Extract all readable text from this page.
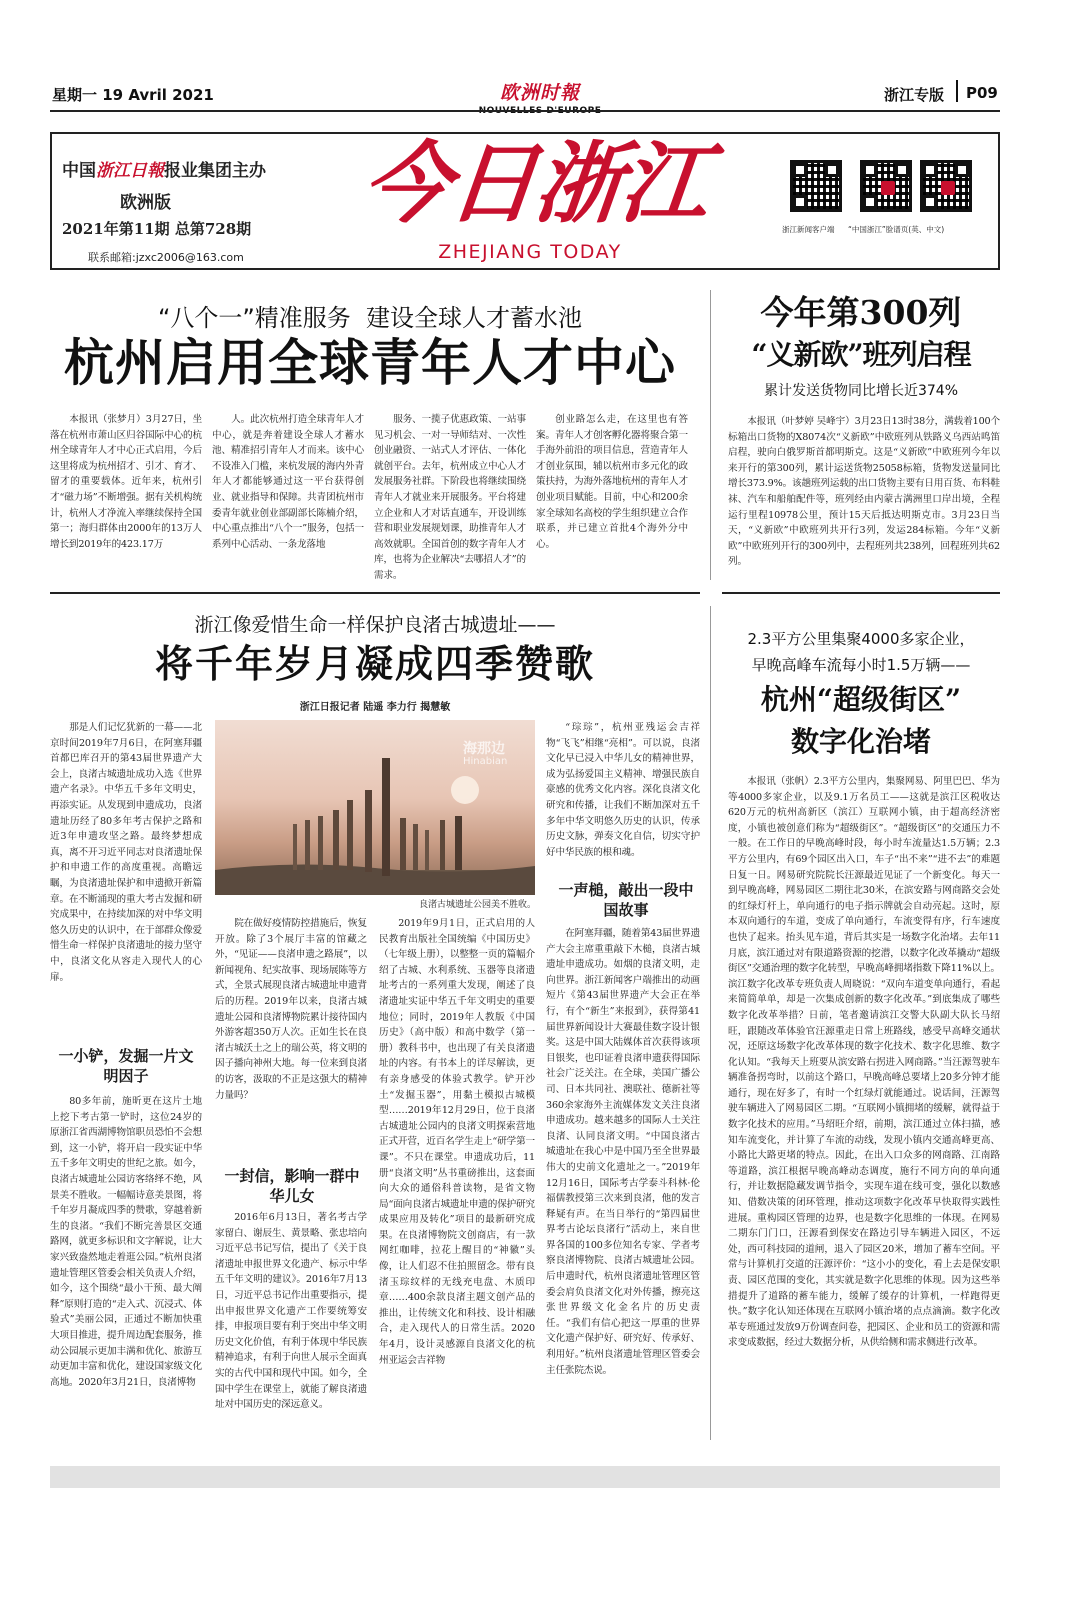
星期一 19 Avril 2021	欧洲时報	浙江专版 P09
中国浙江日報报业集团主办
欧洲版
2021年第11期 总第728期
联系邮箱:jzxc2006@163.com
今日浙江
ZHEJIANG TODAY
浙江新闻客户端 “中国浙江”脸谱页(英、中文)
“八个一”精准服务  建设全球人才蓄水池
杭州启用全球青年人才中心

本报讯（张梦月）3月27日，坐落在杭州市萧山区归谷国际中心的杭州全球青年人才中心正式启用，今后这里将成为杭州招才、引才、育才、留才的重要载体。近年来，杭州引才“磁力场”不断增强。据有关机构统计，杭州人才净流入率继续保持全国第一；海归群体由2000年的13万人增长到2019年的423.17万

人。此次杭州打造全球青年人才中心，就是奔着建设全球人才蓄水池、精准招引青年人才而来。该中心不设准入门槛，来杭发展的海内外青年人才都能够通过这一平台获得创业、就业指导和保障。共青团杭州市委青年就业创业部副部长陈楠介绍，中心重点推出“八个一”服务，包括一系列中心活动、一条龙落地

服务、一揽子优惠政策、一站事见习机会、一对一导师结对、一次性创业融资、一站式人才评估、一体化就创平台。去年，杭州成立中心人才发展服务社群。下阶段也将继续围绕青年人才就业来开展服务。平台将建立企业和人才对话直通车，开设训练营和职业发展规划课，助推青年人才高效就职。全国首创的数字青年人才库，也将为企业解决“去哪招人才”的需求。

创业路怎么走，在这里也有答案。青年人才创客孵化器将聚合第一手海外前沿的项目信息，营造青年人才创业氛围，辅以杭州市多元化的政策扶持，为海外落地杭州的青年人才创业项目赋能。目前，中心和200余家全球知名高校的学生组织建立合作联系，并已建立首批4个海外分中心。

今年第300列
“义新欧”班列启程
累计发送货物同比增长近374%

本报讯（叶梦婷 吴峰宇）3月23日13时38分，满载着100个标箱出口货物的X8074次“义新欧”中欧班列从铁路义乌西站鸣笛启程，驶向白俄罗斯首都明斯克。这是“义新欧”中欧班列今年以来开行的第300列，累计运送货物25058标箱，货物发送量同比增长373.9%。该趟班列运载的出口货物主要有日用百货、布料鞋袜、汽车和船舶配件等，班列经由内蒙古满洲里口岸出境，全程运行里程10978公里，预计15天后抵达明斯克市。3月23日当天，“义新欧”中欧班列共开行3列，发运284标箱。今年“义新欧”中欧班列开行的300列中，去程班列共238列，回程班列共62列。

浙江像爱惜生命一样保护良渚古城遗址——
将千年岁月凝成四季赞歌
浙江日报记者 陆遥 李力行 揭慧敏
海那边
Hinabian
良渚古城遗址公园美不胜收。

那是人们记忆犹新的一幕——北京时间2019年7月6日，在阿塞拜疆首都巴库召开的第43届世界遗产大会上，良渚古城遗址成功入选《世界遗产名录》。中华五千多年文明史，再添实证。从发现到申遗成功，良渚遗址历经了80多年考古保护之路和近3年申遗攻坚之路。最终梦想成真，离不开习近平同志对良渚遗址保护和申遗工作的高度重视。高瞻远瞩，为良渚遗址保护和申遗掀开新篇章。在不断涌现的重大考古发掘和研究成果中，在持续加深的对中华文明悠久历史的认识中，在于部群众像爱惜生命一样保护良渚遗址的接力坚守中，良渚文化从容走入现代人的心扉。

一小铲，发掘一片文明因子

80多年前，施昕更在这片土地上挖下考古第一铲时，这位24岁的原浙江省西湖博物馆职员恐怕不会想到，这一小铲，将开启一段实证中华五千多年文明史的世纪之旅。如今，良渚古城遗址公园访客络绎不绝，风景美不胜收。一幅幅诗意美景图，将千年岁月凝成四季的赞歌，穿越着新生的良渚。“我们不断完善景区交通路网，就更多标识和文字解说，让大家兴致盎然地走着逛公园。”杭州良渚遗址管理区管委会相关负责人介绍，如今，这个围绕“最小干预、最大阐释”原则打造的“走入式、沉浸式、体验式”美丽公园，正通过不断加快重大项目推进，提升周边配套服务，推动公园展示更加丰满和优化、旅游互动更加丰富和优化，建设国家级文化高地。2020年3月21日，良渚博物

院在做好疫情防控措施后，恢复开放。除了3个展厅丰富的馆藏之外，“见证——良渚申遗之路展”，以新闻视角、纪实故事、现场展陈等方式，全景式展现良渚古城遗址申遗背后的历程。2019年以来，良渚古城遗址公园和良渚博物院累计接待国内外游客超350万人次。正如生长在良渚古城沃土之上的瑞公英，将文明的因子播向神州大地。每一位来到良渚的访客，汲取的不正是这强大的精神力量吗？

一封信，影响一群中华儿女

2016年6月13日，著名考古学家留白、谢辰生、黄景略、张忠培向习近平总书记写信，提出了《关于良渚遗址申报世界文化遗产、标示中华五千年文明的建议》。2016年7月13日，习近平总书记作出重要指示，提出申报世界文化遗产工作要统筹安排，申报项目要有利于突出中华文明历史文化价值，有利于体现中华民族精神追求，有利于向世人展示全面真实的古代中国和现代中国。如今，全国中学生在课堂上，就能了解良渚遗址对中国历史的深远意义。

2019年9月1日，正式启用的人民教育出版社全国统编《中国历史》（七年级上册），以整整一页的篇幅介绍了古城、水利系统、玉器等良渚遗址考古的一系列重大发现，阐述了良渚遗址实证中华五千年文明史的重要地位；同时，2019年人教版《中国历史》（高中版）和高中数学（第一册）教科书中，也出现了有关良渚遗址的内容。有书本上的详尽解读，更有亲身感受的体验式教学。铲开沙土“发掘玉器”，用黏土模拟古城模型……2019年12月29日，位于良渚古城遗址公园内的良渚文明探索营地正式开营，近百名学生走上“研学第一课”。不只在课堂。申遗成功后，11册“良渚文明”丛书重磅推出，这套面向大众的通俗科普读物，是省文物局“面向良渚古城遗址申遗的保护研究成果应用及转化”项目的最新研究成果。在良渚博物院文创商店，有一款网红咖啡，拉花上醒目的“神徽”头像，让人们忍不住拍照留念。带有良渚玉琮纹样的无线充电盘、木质印章……400余款良渚主题文创产品的推出，让传统文化和科技、设计相融合，走入现代人的日常生活。2020年4月，设计灵感源自良渚文化的杭州亚运会吉祥物

“琮琮”，杭州亚残运会吉祥物“飞飞”相继“亮相”。可以说，良渚文化早已浸入中华儿女的精神世界，成为弘扬爱国主义精神、增强民族自豪感的优秀文化内容。深化良渚文化研究和传播，让我们不断加深对五千多年中华文明悠久历史的认识，传承历史文脉，弹奏文化自信，切实守护好中华民族的根和魂。

一声槌，敲出一段中国故事

在阿塞拜疆，随着第43届世界遗产大会主席重重敲下木槌，良渚古城遗址申遗成功。如烟的良渚文明，走向世界。浙江新闻客户端推出的动画短片《第43届世界遗产大会正在举行，有个“新生”来报到》，获得第41届世界新闻设计大赛最佳数字设计银奖。这是中国大陆媒体首次获得该项目银奖，也印证着良渚申遗获得国际社会广泛关注。在全球，美国广播公司、日本共同社、澳联社、德新社等360余家海外主流媒体发文关注良渚申遗成功。越来越多的国际人士关注良渚、认同良渚文明。“中国良渚古城遗址在我心中是中国乃至全世界最伟大的史前文化遗址之一。”2019年12月16日，国际考古学泰斗科林·伦福儒教授第三次来到良渚，他的发言释疑有声。在当日举行的“第四届世界考古论坛良渚行”活动上，来自世界各国的100多位知名专家、学者考察良渚博物院、良渚古城遗址公园。后申遗时代，杭州良渚遗址管理区管委会肩负良渚文化对外传播，擦亮这张世界级文化金名片的历史责任。“我们有信心把这一厚重的世界文化遗产保护好、研究好、传承好、利用好。”杭州良渚遗址管理区管委会主任张院杰说。

2.3平方公里集聚4000多家企业，
早晚高峰车流每小时1.5万辆——
杭州“超级街区”
数字化治堵

本报讯（张帆）2.3平方公里内，集聚网易、阿里巴巴、华为等4000多家企业，以及9.1万名员工——这就是滨江区税收达620万元的杭州高新区（滨江）互联网小镇，由于超高经济密度，小镇也被创意们称为“超级街区”。“超级街区”的交通压力不一般。在工作日的早晚高峰时段，每小时车流量达1.5万辆；2.3平方公里内，有69个园区出入口，车子“出不来”“进不去”的难题日复一日。网易研究院院长汪源最近见证了一个新变化。每天一到早晚高峰，网易园区二期往北30米，在滨安路与网商路交会处的红绿灯杆上，单向通行的电子指示牌就会自动亮起。这时，原本双向通行的车道，变成了单向通行，车流变得有序，行车速度也快了起来。抬头见车道，背后其实是一场数字化治堵。去年11月底，滨江通过对有限道路资源的挖潜，以数字化改革撬动“超级街区”交通治理的数字化转型，早晚高峰拥堵指数下降11%以上。滨江数字化改革专班负责人周晓说：“双向车道变单向通行，看起来简简单单，却是一次集成创新的数字化改革。”到底集成了哪些数字化改革举措？日前，笔者邀请滨江交警大队副大队长马绍旺，跟随改革体验官汪源重走日常上班路线，感受早高峰交通状况，还原这场数字化改革体现的数字化技术、数字化思维、数字化认知。“我每天上班要从滨安路右拐进入网商路。”当汪源驾驶车辆准备拐弯时，以前这个路口，早晚高峰总要堵上20多分钟才能通行，现在好多了，有时一个红绿灯就能通过。说话间，汪源驾驶车辆进入了网易园区二期。“互联网小镇拥堵的缓解，就得益于数字化技术的应用。”马绍旺介绍，前期，滨江通过立体扫描，感知车流变化，并计算了车流的动线，发现小镇内交通高峰更高、小路比大路更堵的特点。因此，在出入口众多的网商路、江南路等道路，滨江根据早晚高峰动态调度，施行不同方向的单向通行，并让数据隐藏发调节指令，实现车道在线可变，强化以数感知、借数决策的闭环管理，推动这项数字化改革早快取得实践性进展。重构园区管理的边界，也是数字化思维的一体现。在网易二期东门门口，汪源看到保安在路边引导车辆进入园区，不远处，西可科技园的道闸，退入了园区20米，增加了蓄车空间。平常与计算机打交道的汪源评价：“这小小的变化，看上去是保安职责、园区范围的变化，其实就是数字化思维的体现。因为这些举措提升了道路的蓄车能力，缓解了缓存的计算机，一样跑得更快。”数字化认知还体现在互联网小镇治堵的点点滴滴。数字化改革专班通过发放9万份调查问卷，把园区、企业和员工的资源和需求变成数据，经过大数据分析，从供给侧和需求侧进行改革。
